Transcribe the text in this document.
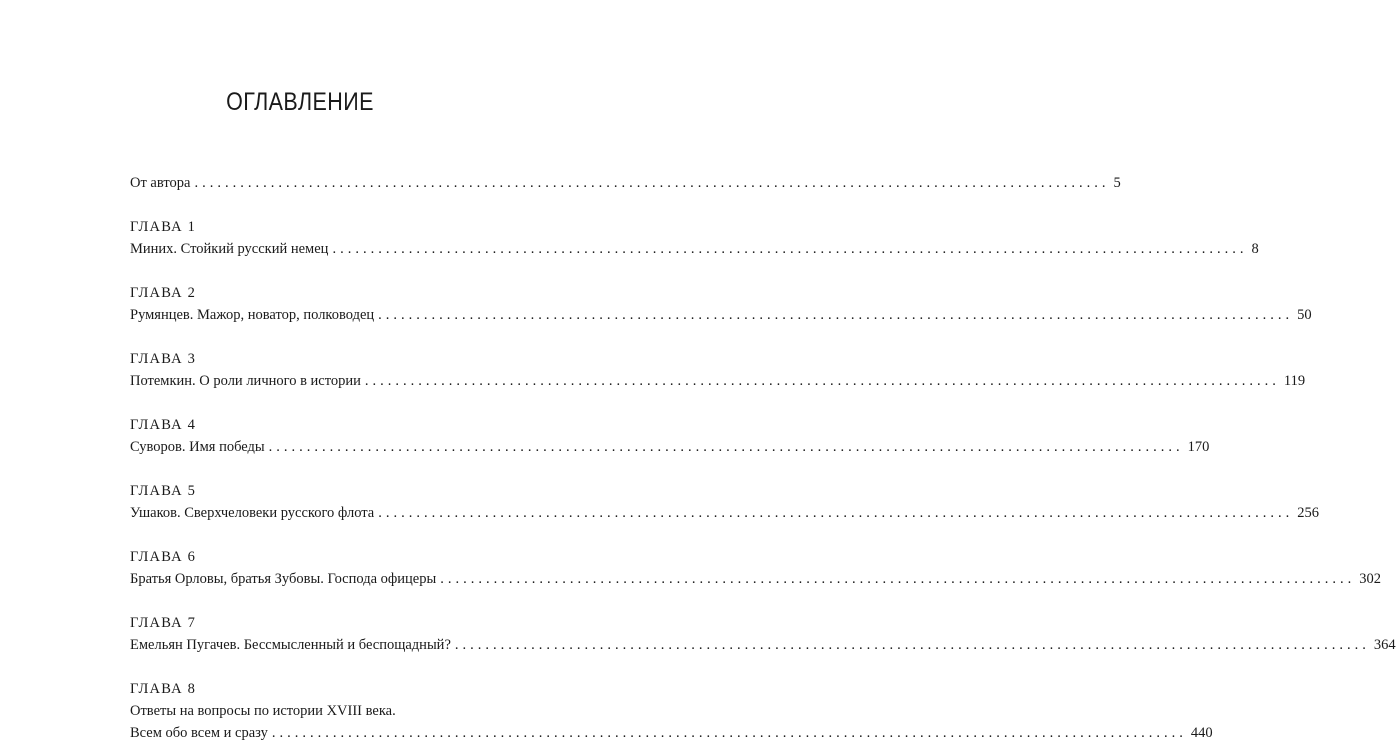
ОГЛАВЛЕНИЕ
От автора ........................................................................................................................ 5
ГЛАВА 1
Миних. Стойкий русский немец ........................................................................................................................ 8
ГЛАВА 2
Румянцев. Мажор, новатор, полководец ........................................................................................................................ 50
ГЛАВА 3
Потемкин. О роли личного в истории ........................................................................................................................ 119
ГЛАВА 4
Суворов. Имя победы ........................................................................................................................ 170
ГЛАВА 5
Ушаков. Сверхчеловеки русского флота ........................................................................................................................ 256
ГЛАВА 6
Братья Орловы, братья Зубовы. Господа офицеры ........................................................................................................................ 302
ГЛАВА 7
Емельян Пугачев. Бессмысленный и беспощадный? ........................................................................................................................ 364
ГЛАВА 8
Ответы на вопросы по истории XVIII века.
Всем обо всем и сразу ........................................................................................................................ 440
